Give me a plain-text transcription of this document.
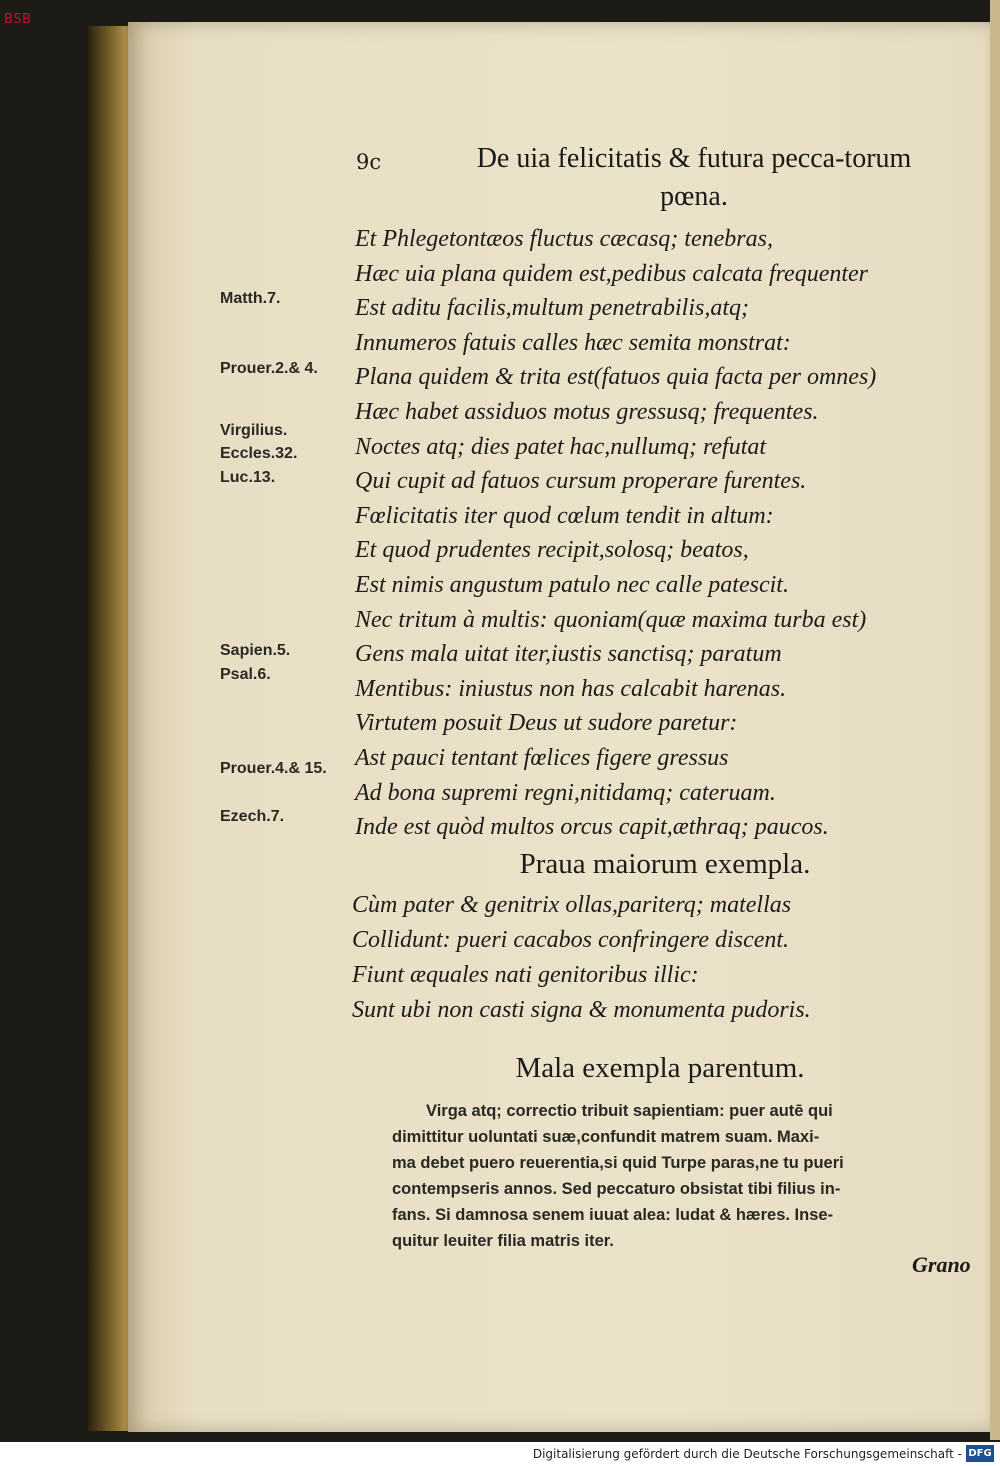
BSB
9c	De uia felicitatis & futura pecca-torum pœna.
Matth.7.
Prouer.2.& 4.
Virgilius.
Eccles.32.
Luc.13.
Sapien.5.
Psal.6.
Prouer.4.& 15.
Ezech.7.
Et Phlegetontæos fluctus cæcasq; tenebras,
Hæc uia plana quidem est,pedibus calcata frequenter
Est aditu facilis,multum penetrabilis,atq;
Innumeros fatuis calles hæc semita monstrat:
Plana quidem & trita est(fatuos quia facta per omnes)
Hæc habet assiduos motus gressusq; frequentes.
Noctes atq; dies patet hac,nullumq; refutat
Qui cupit ad fatuos cursum properare furentes.
Fœlicitatis iter quod cœlum tendit in altum:
Et quod prudentes recipit,solosq; beatos,
Est nimis angustum patulo nec calle patescit.
Nec tritum à multis: quoniam(quæ maxima turba est)
Gens mala uitat iter,iustis sanctisq; paratum
Mentibus: iniustus non has calcabit harenas.
Virtutem posuit Deus ut sudore paretur:
Ast pauci tentant fœlices figere gressus
Ad bona supremi regni,nitidamq; cateruam.
Inde est quòd multos orcus capit,æthraq; paucos.
Praua maiorum exempla.
Cùm pater & genitrix ollas,pariterq; matellas
Collidunt: pueri cacabos confringere discent.
Fiunt æquales nati genitoribus illic:
Sunt ubi non casti signa & monumenta pudoris.
Mala exempla parentum.
Virga atq; correctio tribuit sapientiam: puer autē qui
dimittitur uoluntati suæ,confundit matrem suam. Maxi-
ma debet puero reuerentia,si quid Turpe paras,ne tu pueri
contempseris annos. Sed peccaturo obsistat tibi filius in-
fans. Si damnosa senem iuuat alea: ludat & hæres. Inse-
quitur leuiter filia matris iter.
Grano
Digitalisierung gefördert durch die Deutsche Forschungsgemeinschaft - DFG
